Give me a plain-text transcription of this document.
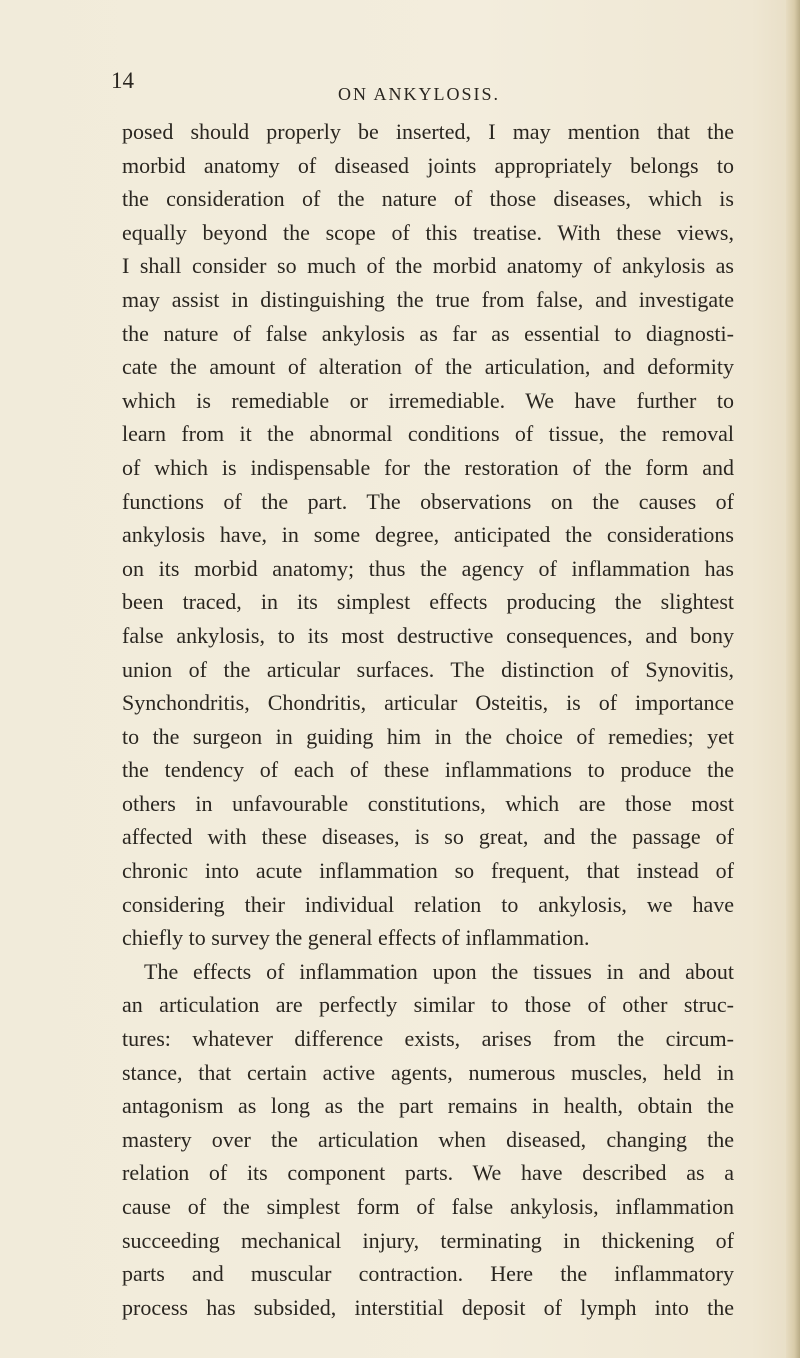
14
ON ANKYLOSIS.
posed should properly be inserted, I may mention that the
morbid anatomy of diseased joints appropriately belongs to
the consideration of the nature of those diseases, which is
equally beyond the scope of this treatise. With these views,
I shall consider so much of the morbid anatomy of ankylosis as
may assist in distinguishing the true from false, and investigate
the nature of false ankylosis as far as essential to diagnosti-
cate the amount of alteration of the articulation, and deformity
which is remediable or irremediable. We have further to
learn from it the abnormal conditions of tissue, the removal
of which is indispensable for the restoration of the form and
functions of the part. The observations on the causes of
ankylosis have, in some degree, anticipated the considerations
on its morbid anatomy; thus the agency of inflammation has
been traced, in its simplest effects producing the slightest
false ankylosis, to its most destructive consequences, and bony
union of the articular surfaces. The distinction of Synovitis,
Synchondritis, Chondritis, articular Osteitis, is of importance
to the surgeon in guiding him in the choice of remedies; yet
the tendency of each of these inflammations to produce the
others in unfavourable constitutions, which are those most
affected with these diseases, is so great, and the passage of
chronic into acute inflammation so frequent, that instead of
considering their individual relation to ankylosis, we have
chiefly to survey the general effects of inflammation.
The effects of inflammation upon the tissues in and about
an articulation are perfectly similar to those of other struc-
tures: whatever difference exists, arises from the circum-
stance, that certain active agents, numerous muscles, held in
antagonism as long as the part remains in health, obtain the
mastery over the articulation when diseased, changing the
relation of its component parts. We have described as a
cause of the simplest form of false ankylosis, inflammation
succeeding mechanical injury, terminating in thickening of
parts and muscular contraction. Here the inflammatory
process has subsided, interstitial deposit of lymph into the
